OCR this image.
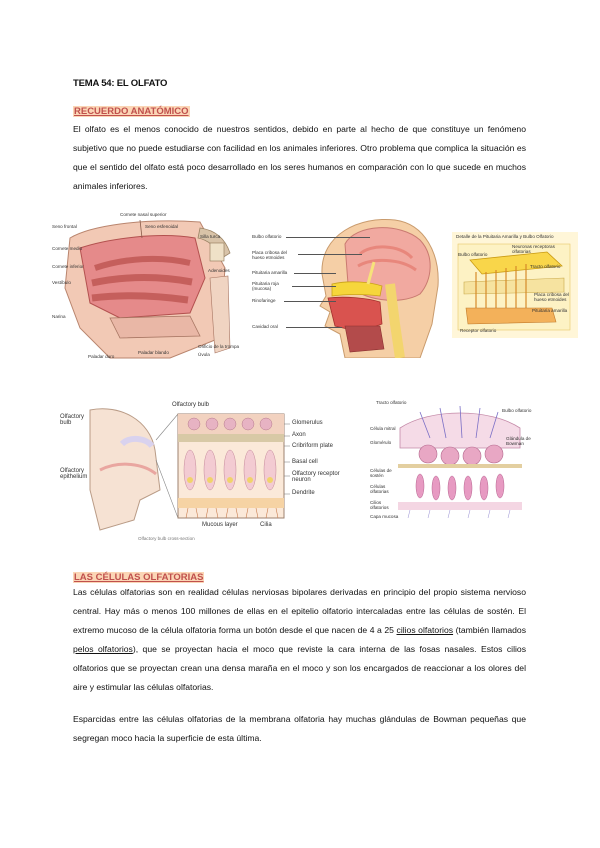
TEMA 54: EL OLFATO
RECUERDO ANATÓMICO
El olfato es el menos conocido de nuestros sentidos, debido en parte al hecho de que constituye un fenómeno subjetivo que no puede estudiarse con facilidad en los animales inferiores. Otro problema que complica la situación es que el sentido del olfato está poco desarrollado en los seres humanos en comparación con lo que sucede en muchos animales inferiores.
Cornete nasal superior
Seno frontal	Seno esfenoidal
Silla turca
Cornete medio
Cornete inferior
Vestíbulo
Narina
Paladar duro
Paladar blando
Adenoides
Orificio de la trompa
Úvula
Bulbo olfatorio
Placa cribosa del hueso etmoides
Pituitaria amarilla
Pituitaria roja (mucosa)
Rinofaringe
Cavidad oral
Detalle de la Pituitaria Amarilla y Bulbo Olfatorio
Bulbo olfatorio
Neuronas receptoras olfatorias
Tracto olfatorio
Placa cribosa del hueso etmoides
Pituitaria amarilla
Receptor olfatorio
Olfactory bulb
Olfactory bulb
Olfactory epithelium
Glomerulus
Axon
Cribriform plate
Basal cell
Olfactory receptor neuron
Dendrite
Mucous layer	Cilia
Olfactory bulb cross-section
Tracto olfatorio
Bulbo olfatorio
Célula mitral
Glomérulo
Glándula de Bowman
Células de sostén
Células olfatorias
Cilios olfatorios
Capa mucosa
LAS CÉLULAS OLFATORIAS
Las células olfatorias son en realidad células nerviosas bipolares derivadas en principio del propio sistema nervioso central. Hay más o menos 100 millones de ellas en el epitelio olfatorio intercaladas entre las células de sostén. El extremo mucoso de la célula olfatoria forma un botón desde el que nacen de 4 a 25 cilios olfatorios (también llamados pelos olfatorios), que se proyectan hacia el moco que reviste la cara interna de las fosas nasales. Estos cilios olfatorios que se proyectan crean una densa maraña en el moco y son los encargados de reaccionar a los olores del aire y estimular las células olfatorias.
Esparcidas entre las células olfatorias de la membrana olfatoria hay muchas glándulas de Bowman pequeñas que segregan moco hacia la superficie de esta última.
